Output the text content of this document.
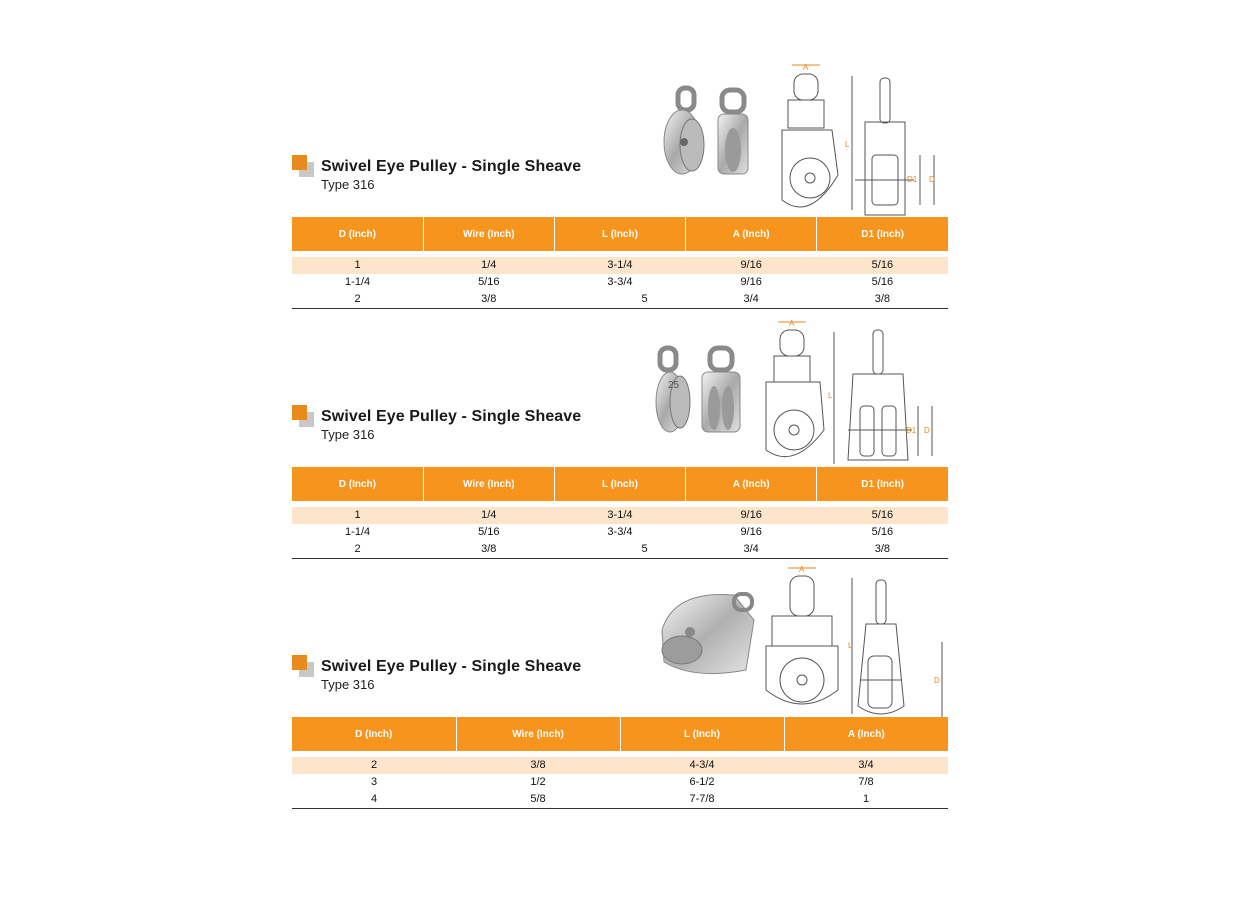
A
L
D1 D
Swivel Eye Pulley - Single Sheave
Type 316
D (Inch)	Wire (Inch)	L (Inch)	A (Inch)	D1 (Inch)

1	1/4	3-1/4	9/16	5/16
1-1/4	5/16	3-3/4	9/16	5/16
2	3/8	5	3/4	3/8
25
A
L
D1 D
Swivel Eye Pulley - Single Sheave
Type 316
D (Inch)	Wire (Inch)	L (Inch)	A (Inch)	D1 (Inch)

1	1/4	3-1/4	9/16	5/16
1-1/4	5/16	3-3/4	9/16	5/16
2	3/8	5	3/4	3/8
A
L
D
Swivel Eye Pulley - Single Sheave
Type 316
D (Inch)	Wire (Inch)	L (Inch)	A (Inch)

2	3/8	4-3/4	3/4
3	1/2	6-1/2	7/8
4	5/8	7-7/8	1
